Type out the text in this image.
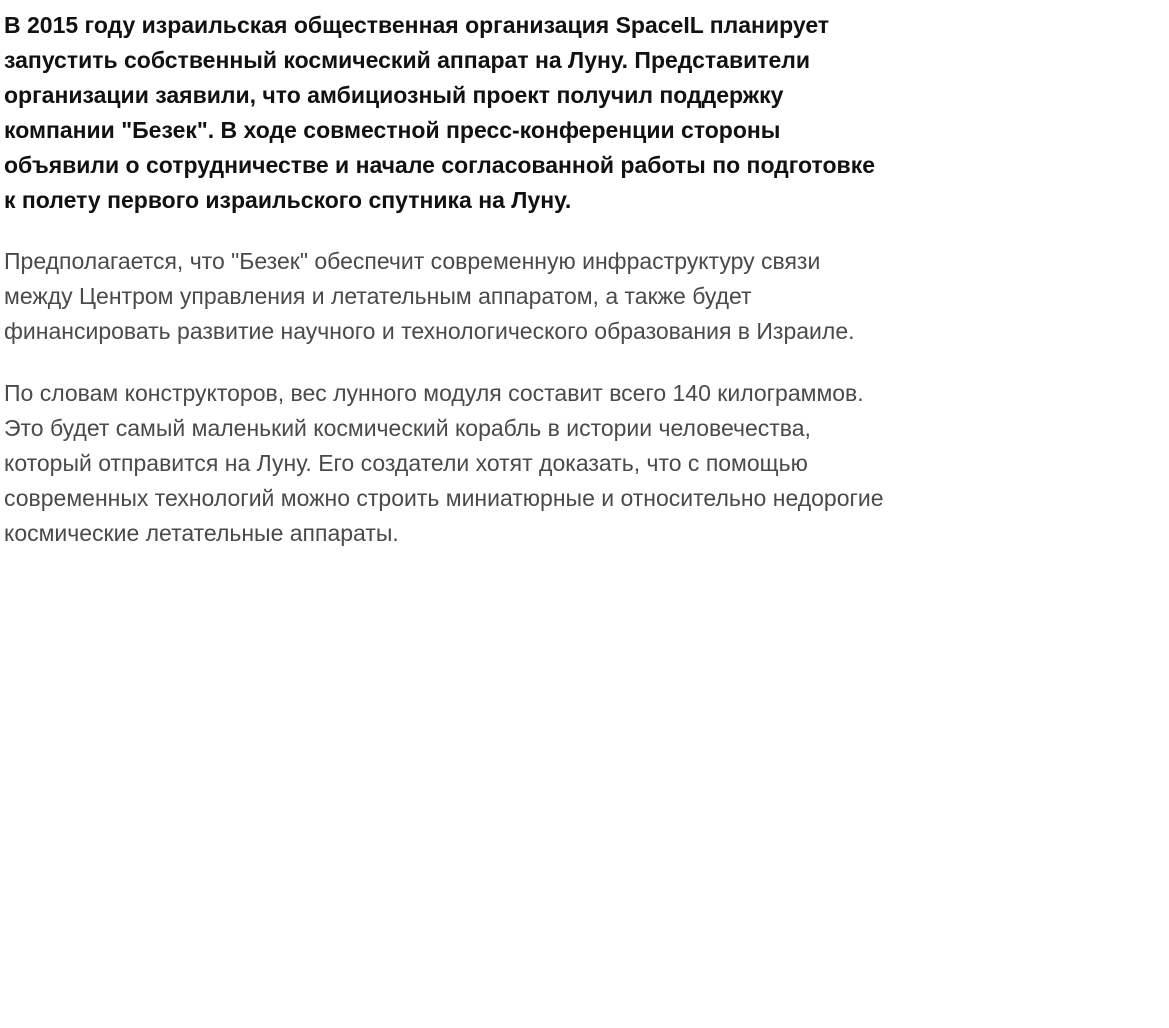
В 2015 году израильская общественная организация SpaceIL планирует запустить собственный космический аппарат на Луну. Представители организации заявили, что амбициозный проект получил поддержку компании "Безек". В ходе совместной пресс-конференции стороны объявили о сотрудничестве и начале согласованной работы по подготовке к полету первого израильского спутника на Луну.

Предполагается, что "Безек" обеспечит современную инфраструктуру связи между Центром управления и летательным аппаратом, а также будет финансировать развитие научного и технологического образования в Израиле.

По словам конструкторов, вес лунного модуля составит всего 140 килограммов. Это будет самый маленький космический корабль в истории человечества, который отправится на Луну. Его создатели хотят доказать, что с помощью современных технологий можно строить миниатюрные и относительно недорогие космические летательные аппараты.
